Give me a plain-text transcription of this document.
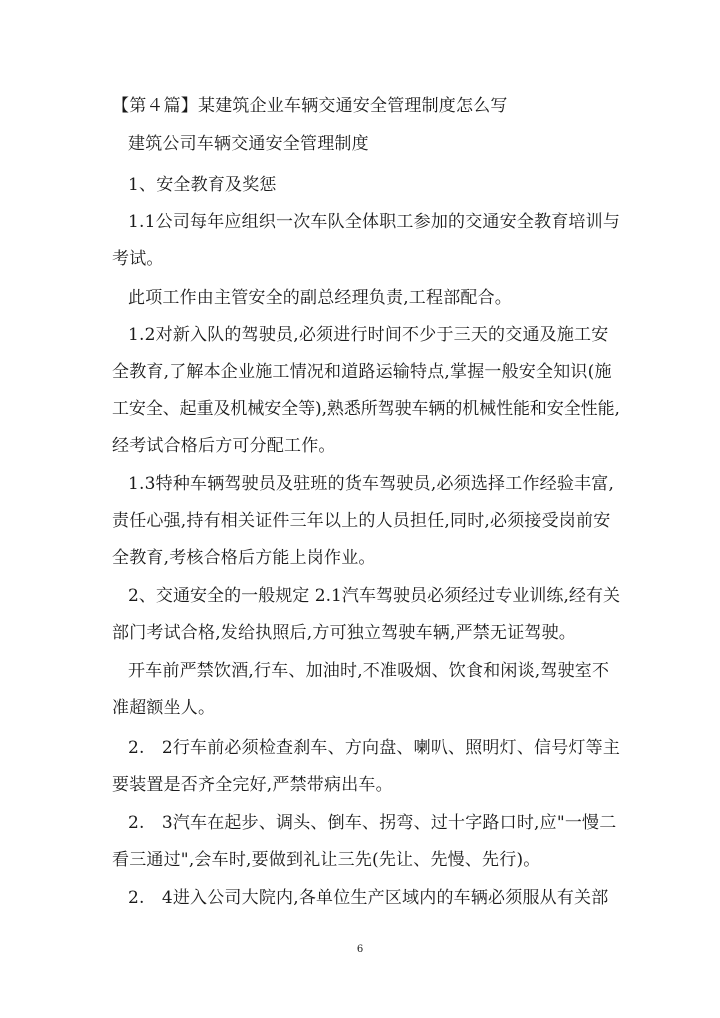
【第４篇】某建筑企业车辆交通安全管理制度怎么写
建筑公司车辆交通安全管理制度
1、安全教育及奖惩
1.1公司每年应组织一次车队全体职工参加的交通安全教育培训与
考试。
此项工作由主管安全的副总经理负责,工程部配合。
1.2对新入队的驾驶员,必须进行时间不少于三天的交通及施工安
全教育,了解本企业施工情况和道路运输特点,掌握一般安全知识(施
工安全、起重及机械安全等),熟悉所驾驶车辆的机械性能和安全性能,
经考试合格后方可分配工作。
1.3特种车辆驾驶员及驻班的货车驾驶员,必须选择工作经验丰富,
责任心强,持有相关证件三年以上的人员担任,同时,必须接受岗前安
全教育,考核合格后方能上岗作业。
2、交通安全的一般规定 2.1汽车驾驶员必须经过专业训练,经有关
部门考试合格,发给执照后,方可独立驾驶车辆,严禁无证驾驶。
开车前严禁饮酒,行车、加油时,不准吸烟、饮食和闲谈,驾驶室不
准超额坐人。
2.　2行车前必须检查刹车、方向盘、喇叭、照明灯、信号灯等主
要装置是否齐全完好,严禁带病出车。
2.　3汽车在起步、调头、倒车、拐弯、过十字路口时,应"一慢二
看三通过",会车时,要做到礼让三先(先让、先慢、先行)。
2.　4进入公司大院内,各单位生产区域内的车辆必须服从有关部
6
